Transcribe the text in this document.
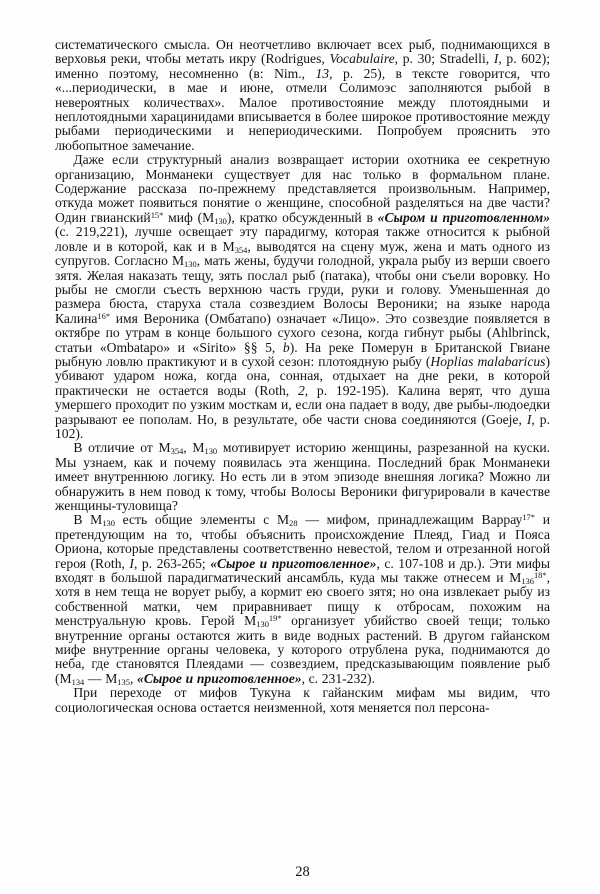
систематического смысла. Он неотчетливо включает всех рыб, поднимающихся в верховья реки, чтобы метать икру (Rodrigues, Vocabulaire, p. 30; Stradelli, I, p. 602); именно поэтому, несомненно (в: Nim., 13, p. 25), в тексте говорится, что «...периодически, в мае и июне, отмели Солимоэс заполняются рыбой в невероятных количествах». Малое противостояние между плотоядными и неплотоядными харацинидами вписывается в более широкое противостояние между рыбами периодическими и непериодическими. Попробуем прояснить это любопытное замечание.

Даже если структурный анализ возвращает истории охотника ее секретную организацию, Монманеки существует для нас только в формальном плане. Содержание рассказа по-прежнему представляется произвольным. Например, откуда может появиться понятие о женщине, способной разделяться на две части? Один гвианский$^{15*}$ миф $(M_{130})$, кратко обсужденный в «Сыром и приготовленном» (с. 219,221), лучше освещает эту парадигму, которая также относится к рыбной ловле и в которой, как и в $M_{354}$, выводятся на сцену муж, жена и мать одного из супругов. Согласно $M_{130}$, мать жены, будучи голодной, украла рыбу из верши своего зятя. Желая наказать тещу, зять послал рыб (патака), чтобы они съели воровку. Но рыбы не смогли съесть верхнюю часть груди, руки и голову. Уменьшенная до размера бюста, старуха стала созвездием Волосы Вероники; на языке народа Калина$^{16*}$ имя Вероника (Омбатапо) означает «Лицо». Это созвездие появляется в октябре по утрам в конце большого сухого сезона, когда гибнут рыбы (Ahlbrinck, статьи «Ombatapo» и «Sirito» §§ 5, b). На реке Померун в Британской Гвиане рыбную ловлю практикуют и в сухой сезон: плотоядную рыбу (Hoplias malabaricus) убивают ударом ножа, когда она, сонная, отдыхает на дне реки, в которой практически не остается воды (Roth, 2, p. 192-195). Калина верят, что душа умершего проходит по узким мосткам и, если она падает в воду, две рыбы-людоедки разрывают ее пополам. Но, в результате, обе части снова соединяются (Goeje, I, p. 102).

В отличие от $M_{354}$, $M_{130}$ мотивирует историю женщины, разрезанной на куски. Мы узнаем, как и почему появилась эта женщина. Последний брак Монманеки имеет внутреннюю логику. Но есть ли в этом эпизоде внешняя логика? Можно ли обнаружить в нем повод к тому, чтобы Волосы Вероники фигурировали в качестве женщины-туловища?

В $M_{130}$ есть общие элементы с $M_{28}$ — мифом, принадлежащим Варрау$^{17*}$ и претендующим на то, чтобы объяснить происхождение Плеяд, Гиад и Пояса Ориона, которые представлены соответственно невестой, телом и отрезанной ногой героя (Roth, I, p. 263-265; «Сырое и приготовленное», с. 107-108 и др.). Эти мифы входят в большой парадигматический ансамбль, куда мы также отнесем и $M_{136}^{18*}$, хотя в нем теща не ворует рыбу, а кормит ею своего зятя; но она извлекает рыбу из собственной матки, чем приравнивает пищу к отбросам, похожим на менструальную кровь. Герой $M_{130}^{19*}$ организует убийство своей тещи; только внутренние органы остаются жить в виде водных растений. В другом гайанском мифе внутренние органы человека, у которого отрублена рука, поднимаются до неба, где становятся Плеядами — созвездием, предсказывающим появление рыб ($M_{134}$ — $M_{135}$, «Сырое и приготовленное», с. 231-232).

При переходе от мифов Тукуна к гайанским мифам мы видим, что социологическая основа остается неизменной, хотя меняется пол персона-

28
